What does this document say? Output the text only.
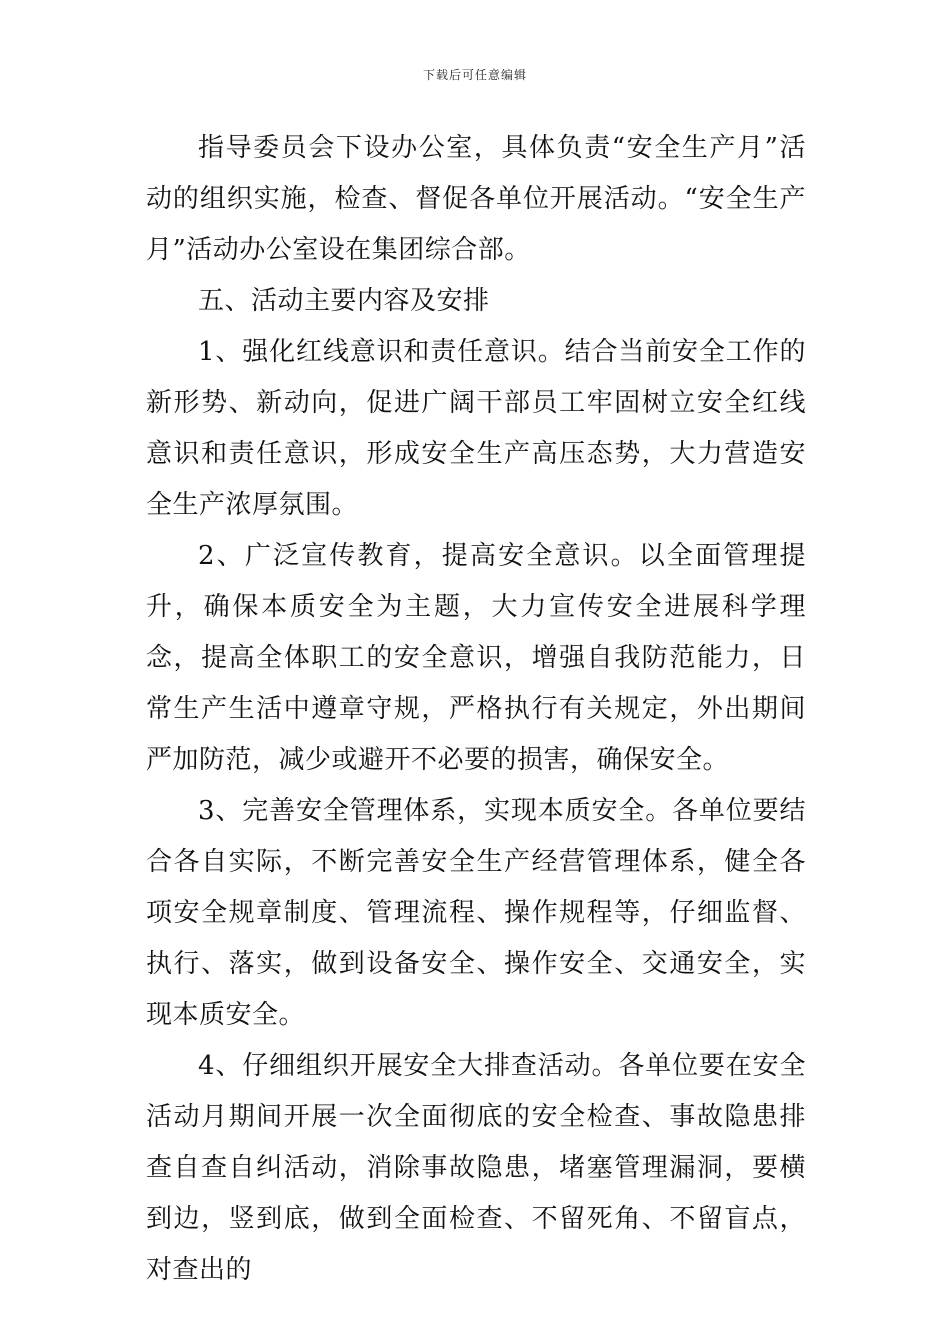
下载后可任意编辑

指导委员会下设办公室，具体负责“安全生产月”活动的组织实施，检查、督促各单位开展活动。“安全生产月”活动办公室设在集团综合部。

五、活动主要内容及安排

1、强化红线意识和责任意识。结合当前安全工作的新形势、新动向，促进广阔干部员工牢固树立安全红线意识和责任意识，形成安全生产高压态势，大力营造安全生产浓厚氛围。

2、广泛宣传教育，提高安全意识。以全面管理提升，确保本质安全为主题，大力宣传安全进展科学理念，提高全体职工的安全意识，增强自我防范能力，日常生产生活中遵章守规，严格执行有关规定，外出期间严加防范，减少或避开不必要的损害，确保安全。

3、完善安全管理体系，实现本质安全。各单位要结合各自实际，不断完善安全生产经营管理体系，健全各项安全规章制度、管理流程、操作规程等，仔细监督、执行、落实，做到设备安全、操作安全、交通安全，实现本质安全。

4、仔细组织开展安全大排查活动。各单位要在安全活动月期间开展一次全面彻底的安全检查、事故隐患排查自查自纠活动，消除事故隐患，堵塞管理漏洞，要横到边，竖到底，做到全面检查、不留死角、不留盲点，对查出的
